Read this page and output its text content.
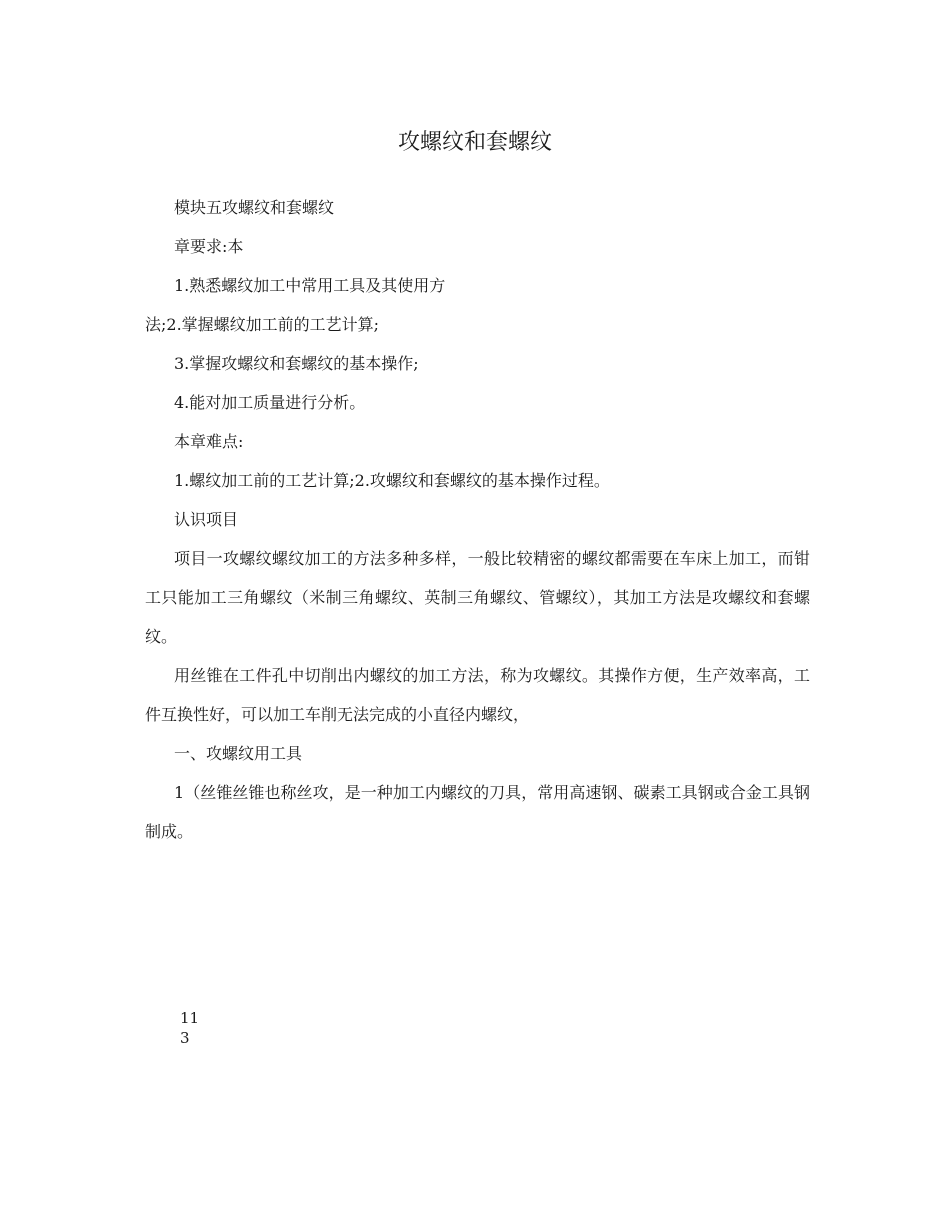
攻螺纹和套螺纹

模块五攻螺纹和套螺纹

章要求:本

1.熟悉螺纹加工中常用工具及其使用方

法;2.掌握螺纹加工前的工艺计算;

3.掌握攻螺纹和套螺纹的基本操作;

4.能对加工质量进行分析。

本章难点:

1.螺纹加工前的工艺计算;2.攻螺纹和套螺纹的基本操作过程。

认识项目

项目一攻螺纹螺纹加工的方法多种多样，一般比较精密的螺纹都需要在车床上加工，而钳工只能加工三角螺纹（米制三角螺纹、英制三角螺纹、管螺纹），其加工方法是攻螺纹和套螺纹。

用丝锥在工件孔中切削出内螺纹的加工方法，称为攻螺纹。其操作方便，生产效率高，工件互换性好，可以加工车削无法完成的小直径内螺纹，

一、攻螺纹用工具

1（丝锥丝锥也称丝攻，是一种加工内螺纹的刀具，常用高速钢、碳素工具钢或合金工具钢制成。

11
3
